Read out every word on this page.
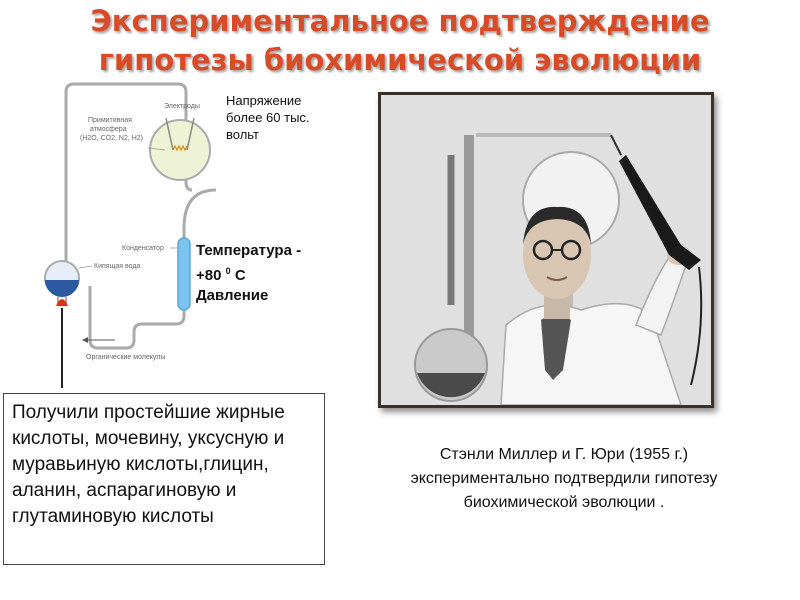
Экспериментальное подтверждение
гипотезы биохимической эволюции
Электроды
Примитивная
атмосфера
(H2O, CO2, N2, H2)
Конденсатор
Кипящая вода
Органические молекулы
Напряжение
более 60 тыс.
вольт
Температура -
+80 $^0$ С
Давление
Получили простейшие жирные кислоты, мочевину, уксусную и муравьиную кислоты,глицин, аланин, аспарагиновую и глутаминовую кислоты
Стэнли Миллер и Г. Юри (1955 г.)
экспериментально подтвердили гипотезу
биохимической эволюции .
